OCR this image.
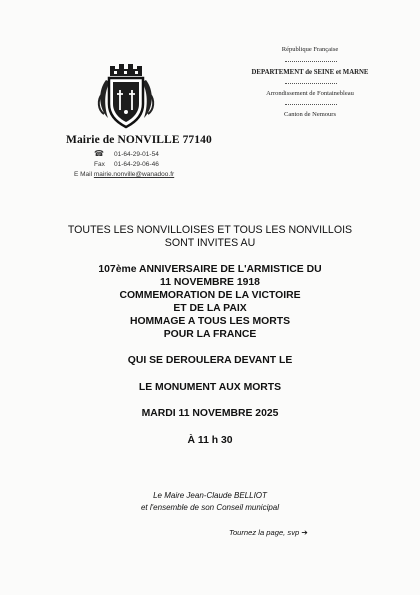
Mairie de NONVILLE 77140
☎ 01-64-29-01-54
Fax 01-64-29-06-46
E Mail mairie.nonville@wanadoo.fr
République Française
DEPARTEMENT de SEINE et MARNE
Arrondissement de Fontainebleau
Canton de Nemours
TOUTES LES NONVILLOISES ET TOUS LES NONVILLOIS
SONT INVITES AU
107ème ANNIVERSAIRE DE L'ARMISTICE DU
11 NOVEMBRE 1918
COMMEMORATION DE LA VICTOIRE
ET DE LA PAIX
HOMMAGE A TOUS LES MORTS
POUR LA FRANCE
QUI SE DEROULERA DEVANT LE
LE MONUMENT AUX MORTS
MARDI 11 NOVEMBRE 2025
À 11 h 30
Le Maire Jean-Claude BELLIOT
et l'ensemble de son Conseil municipal
Tournez la page, svp ➔
